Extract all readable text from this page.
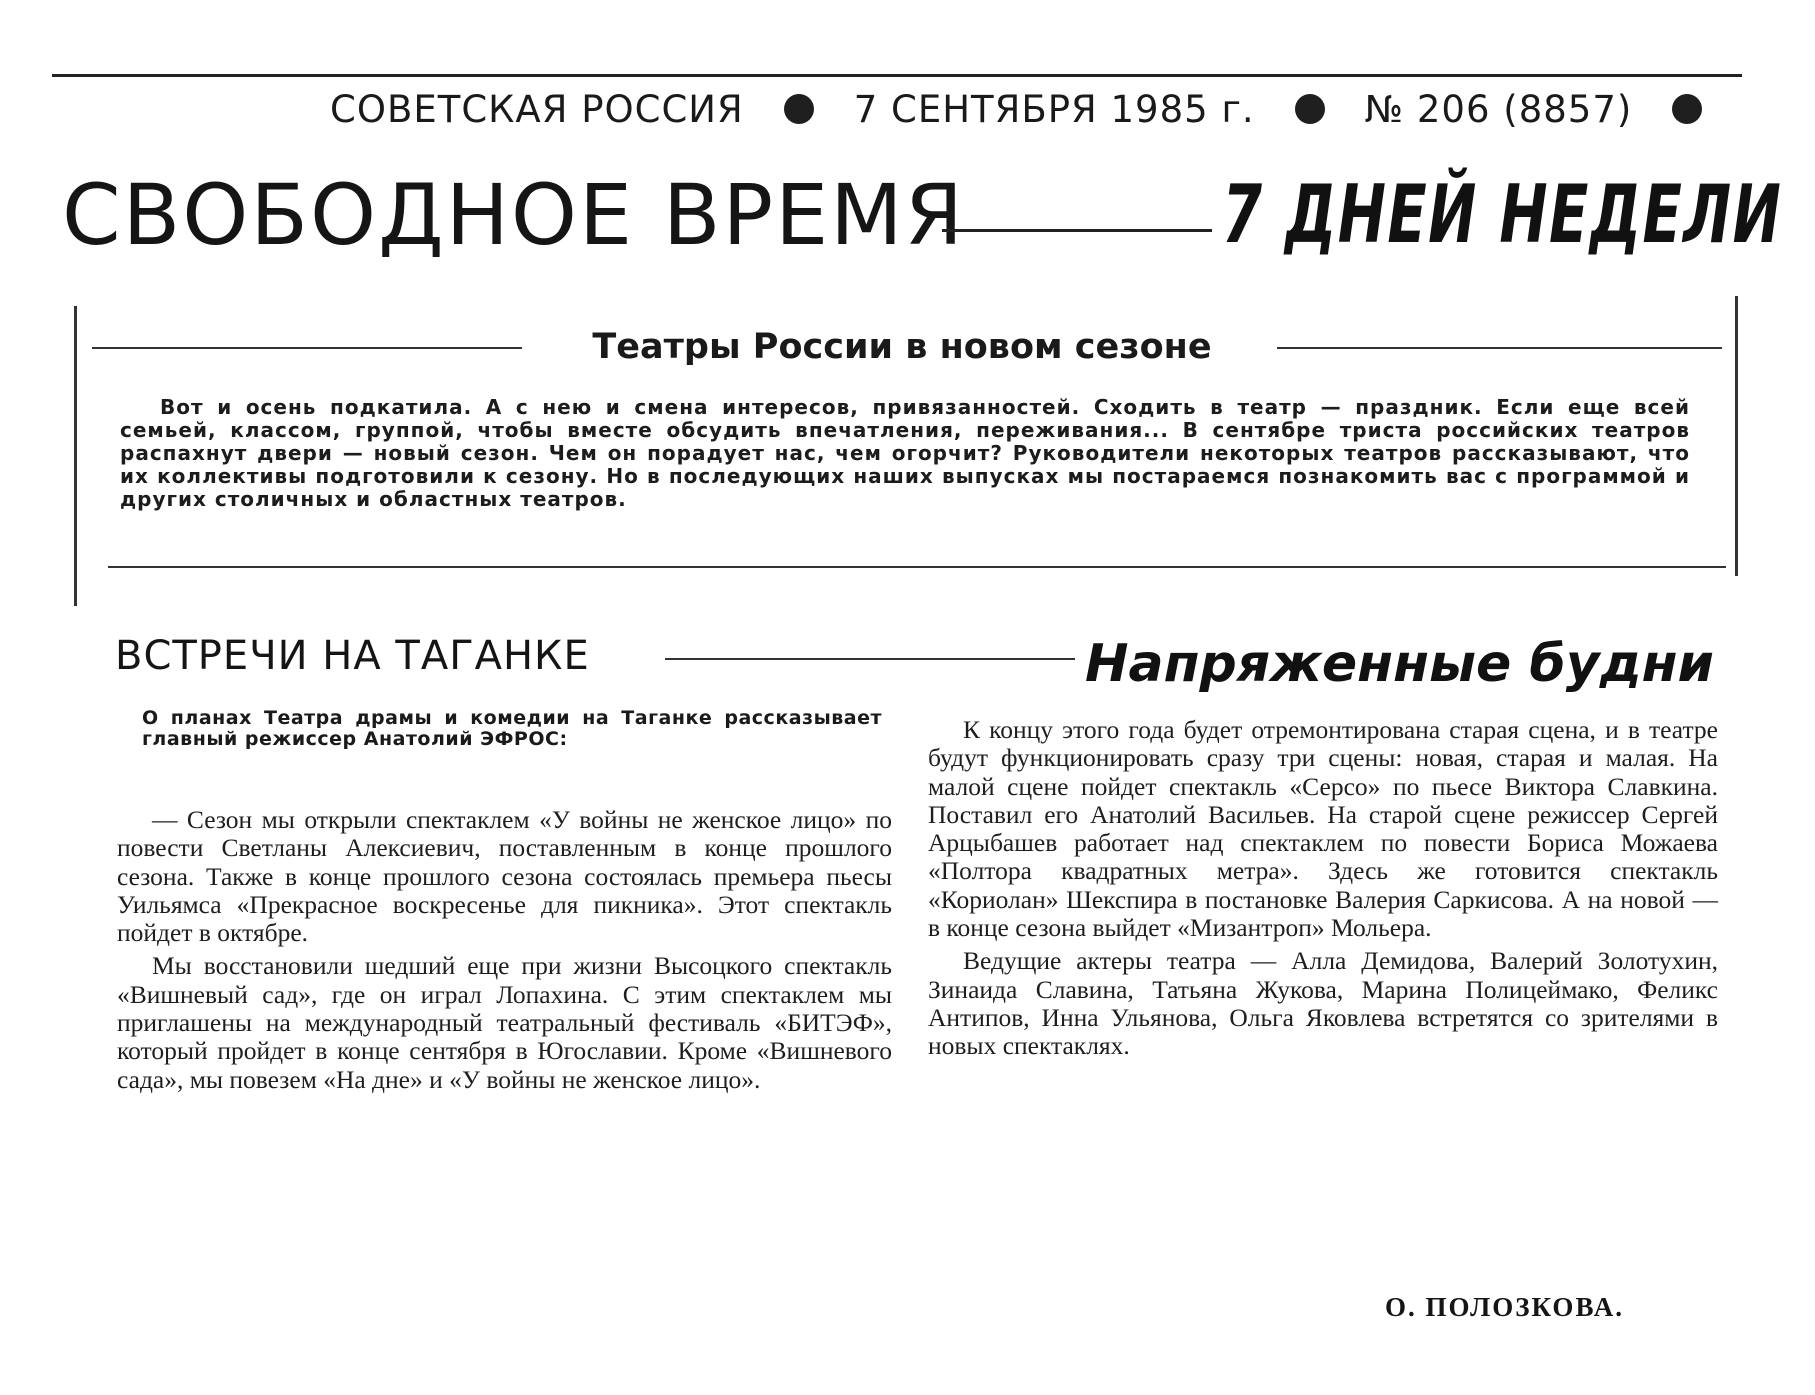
СОВЕТСКАЯ РОССИЯ	7 СЕНТЯБРЯ 1985 г.	№ 206 (8857)
СВОБОДНОЕ ВРЕМЯ	7 ДНЕЙ НЕДЕЛИ
Театры России в новом сезоне
Вот и осень подкатила. А с нею и смена интересов, привязанностей. Сходить в театр — праздник. Если еще всей семьей, классом, группой, чтобы вместе обсудить впечатления, переживания... В сентябре триста российских театров распахнут двери — новый сезон. Чем он порадует нас, чем огорчит? Руководители некоторых театров рассказывают, что их коллективы подготовили к сезону. Но в последующих наших выпусках мы постараемся познакомить вас с программой и других столичных и областных театров.
ВСТРЕЧИ НА ТАГАНКЕ	Напряженные будни
О планах Театра драмы и комедии на Таганке рассказывает главный режиссер Анатолий ЭФРОС:

— Сезон мы открыли спектаклем «У войны не женское лицо» по повести Светланы Алексиевич, поставленным в конце прошлого сезона. Также в конце прошлого сезона состоялась премьера пьесы Уильямса «Прекрасное воскресенье для пикника». Этот спектакль пойдет в октябре.

Мы восстановили шедший еще при жизни Высоцкого спектакль «Вишневый сад», где он играл Лопахина. С этим спектаклем мы приглашены на международный театральный фестиваль «БИТЭФ», который пройдет в конце сентября в Югославии. Кроме «Вишневого сада», мы повезем «На дне» и «У войны не женское лицо».

К концу этого года будет отремонтирована старая сцена, и в театре будут функционировать сразу три сцены: новая, старая и малая. На малой сцене пойдет спектакль «Серсо» по пьесе Виктора Славкина. Поставил его Анатолий Васильев. На старой сцене режиссер Сергей Арцыбашев работает над спектаклем по повести Бориса Можаева «Полтора квадратных метра». Здесь же готовится спектакль «Кориолан» Шекспира в постановке Валерия Саркисова. А на новой — в конце сезона выйдет «Мизантроп» Мольера.

Ведущие актеры театра — Алла Демидова, Валерий Золотухин, Зинаида Славина, Татьяна Жукова, Марина Полицеймако, Феликс Антипов, Инна Ульянова, Ольга Яковлева встретятся со зрителями в новых спектаклях.

О. ПОЛОЗКОВА.
